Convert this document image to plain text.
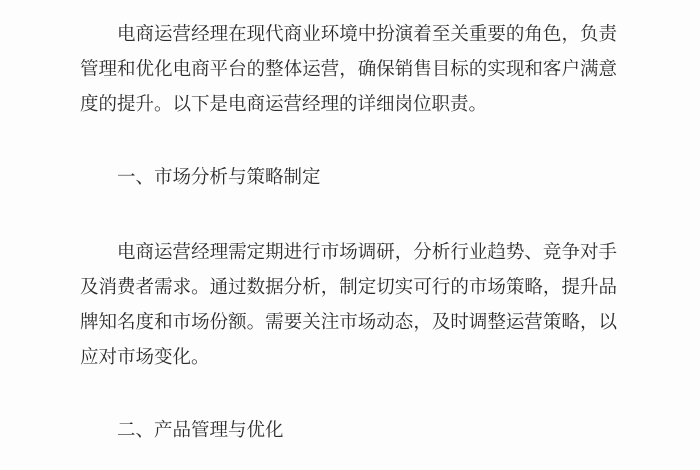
电商运营经理在现代商业环境中扮演着至关重要的角色，负责
管理和优化电商平台的整体运营，确保销售目标的实现和客户满意
度的提升。以下是电商运营经理的详细岗位职责。
一、市场分析与策略制定
电商运营经理需定期进行市场调研，分析行业趋势、竞争对手
及消费者需求。通过数据分析，制定切实可行的市场策略，提升品
牌知名度和市场份额。需要关注市场动态，及时调整运营策略，以
应对市场变化。
二、产品管理与优化
